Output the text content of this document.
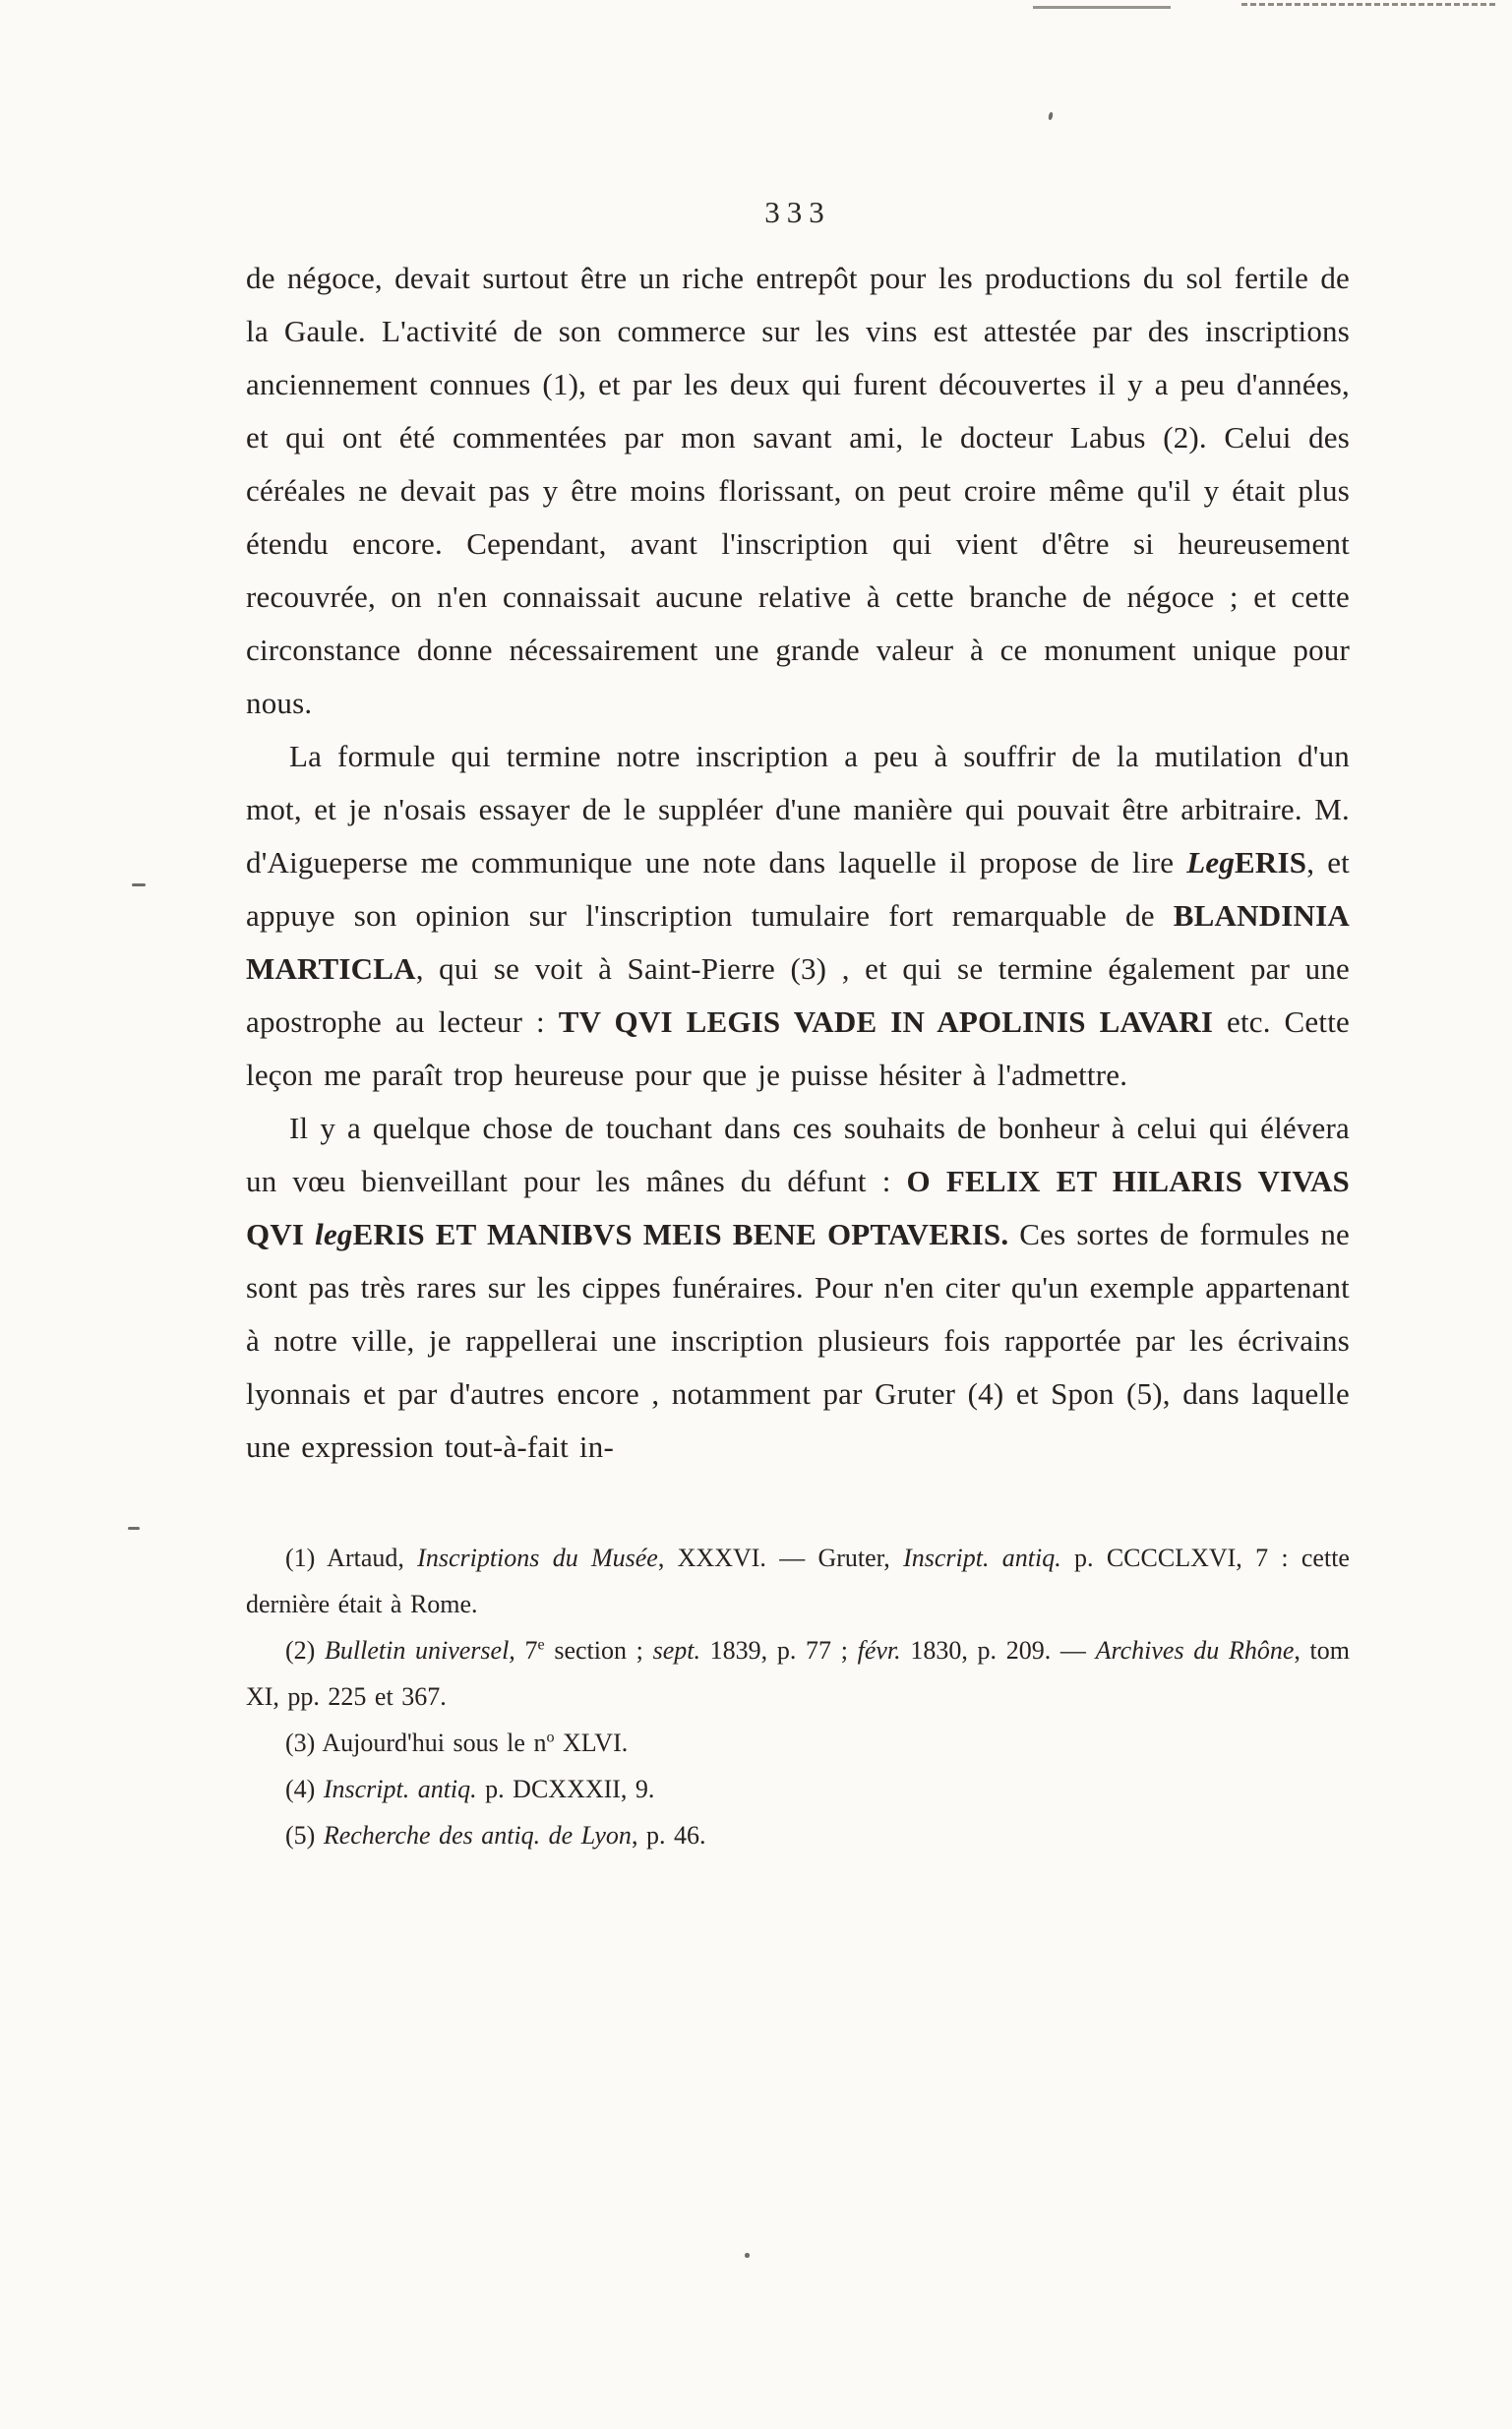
333

de négoce, devait surtout être un riche entrepôt pour les productions du sol fertile de la Gaule. L'activité de son commerce sur les vins est attestée par des inscriptions anciennement connues (1), et par les deux qui furent découvertes il y a peu d'années, et qui ont été commentées par mon savant ami, le docteur Labus (2). Celui des céréales ne devait pas y être moins florissant, on peut croire même qu'il y était plus étendu encore. Cependant, avant l'inscription qui vient d'être si heureusement recouvrée, on n'en connaissait aucune relative à cette branche de négoce ; et cette circonstance donne nécessairement une grande valeur à ce monument unique pour nous.

La formule qui termine notre inscription a peu à souffrir de la mutilation d'un mot, et je n'osais essayer de le suppléer d'une manière qui pouvait être arbitraire. M. d'Aigueperse me communique une note dans laquelle il propose de lire LegERIS, et appuye son opinion sur l'inscription tumulaire fort remarquable de BLANDINIA MARTICLA, qui se voit à Saint-Pierre (3) , et qui se termine également par une apostrophe au lecteur : TV QVI LEGIS VADE IN APOLINIS LAVARI etc. Cette leçon me paraît trop heureuse pour que je puisse hésiter à l'admettre.

Il y a quelque chose de touchant dans ces souhaits de bonheur à celui qui élévera un vœu bienveillant pour les mânes du défunt : O FELIX ET HILARIS VIVAS QVI legERIS ET MANIBVS MEIS BENE OPTAVERIS. Ces sortes de formules ne sont pas très rares sur les cippes funéraires. Pour n'en citer qu'un exemple appartenant à notre ville, je rappellerai une inscription plusieurs fois rapportée par les écrivains lyonnais et par d'autres encore , notamment par Gruter (4) et Spon (5), dans laquelle une expression tout-à-fait in-

(1) Artaud, Inscriptions du Musée, XXXVI. — Gruter, Inscript. antiq. p. CCCCLXVI, 7 : cette dernière était à Rome.

(2) Bulletin universel, 7e section ; sept. 1839, p. 77 ; févr. 1830, p. 209. — Archives du Rhône, tom XI, pp. 225 et 367.

(3) Aujourd'hui sous le $n^o$ XLVI.

(4) Inscript. antiq. p. DCXXXII, 9.

(5) Recherche des antiq. de Lyon, p. 46.
